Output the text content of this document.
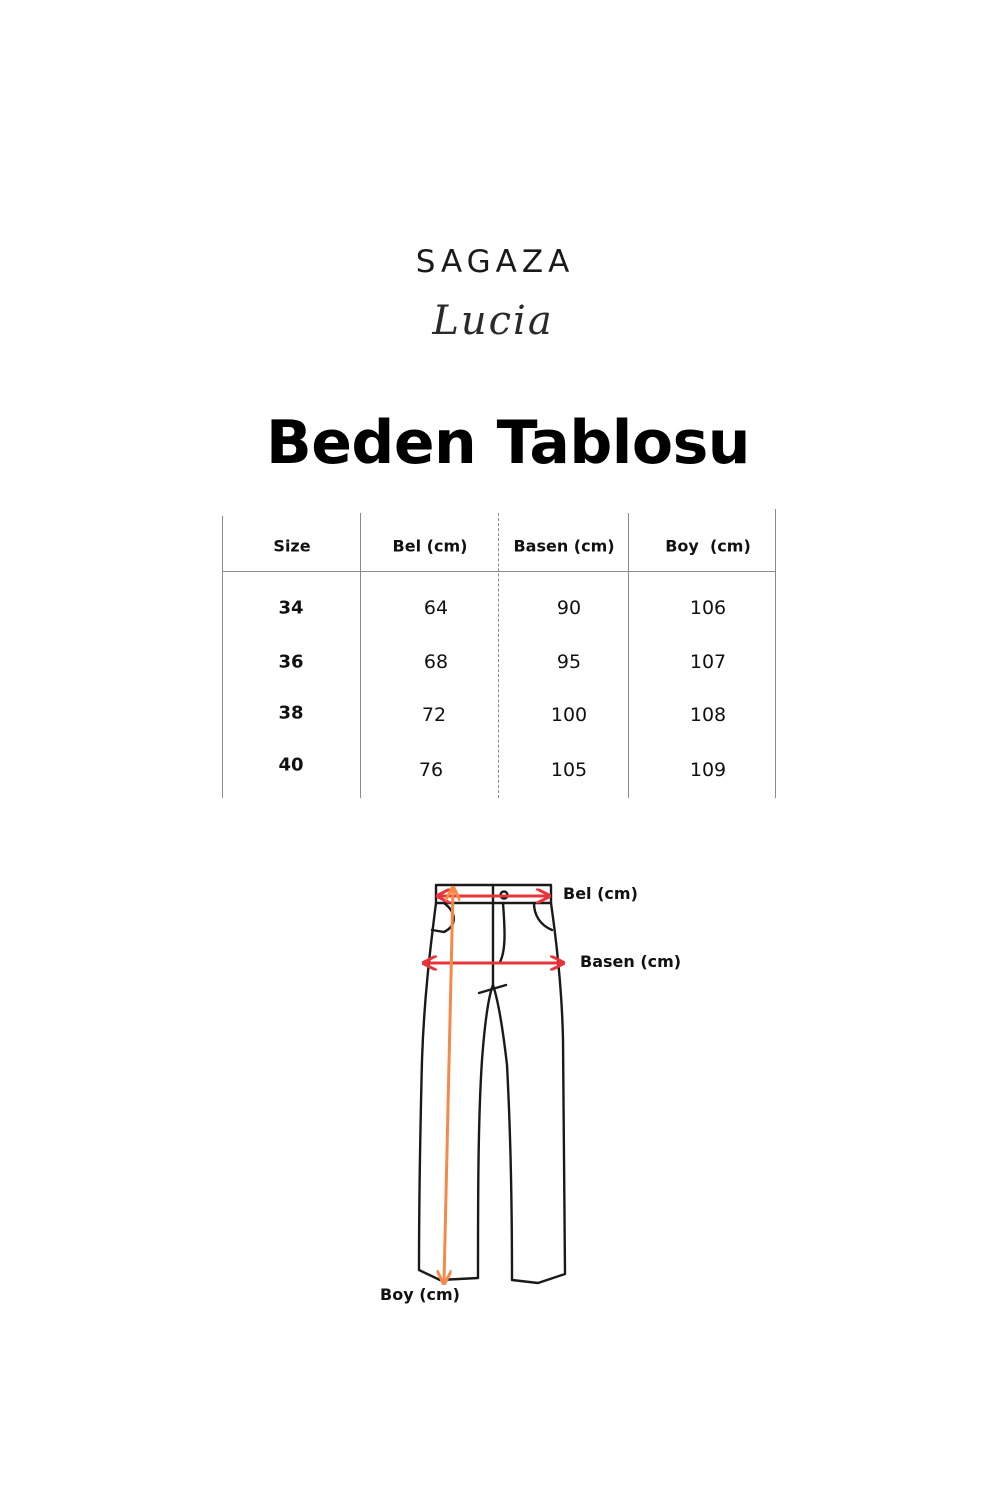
SAGAZA
Lucia
Beden Tablosu
Size	Bel (cm)	Basen (cm)	Boy  (cm)
34	64	90	106
36	68	95	107
38	72	100	108
40	76	105	109
Bel (cm)
Basen (cm)
Boy (cm)
